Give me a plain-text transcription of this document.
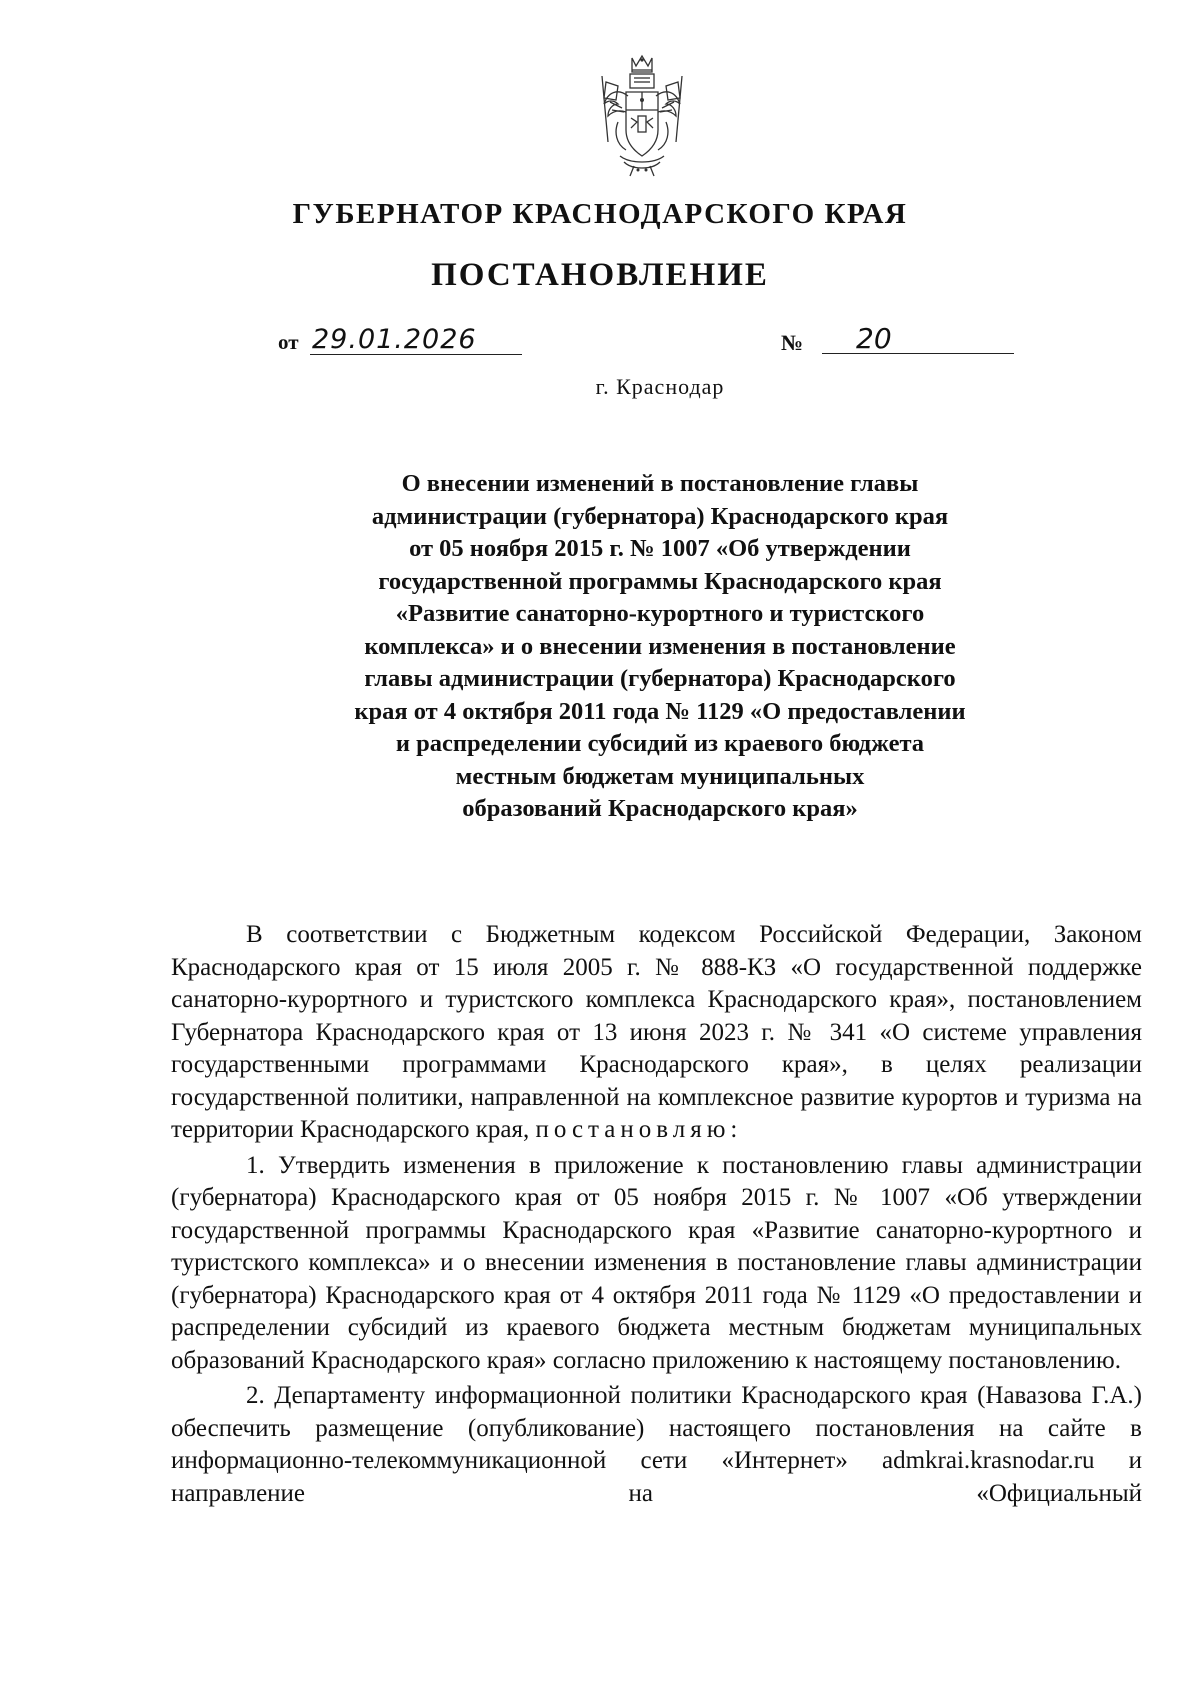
ГУБЕРНАТОР КРАСНОДАРСКОГО КРАЯ
ПОСТАНОВЛЕНИЕ
от 29.01.2026	№	20
г. Краснодар
О внесении изменений в постановление главы
администрации (губернатора) Краснодарского края
от 05 ноября 2015 г. № 1007 «Об утверждении
государственной программы Краснодарского края
«Развитие санаторно-курортного и туристского
комплекса» и о внесении изменения в постановление
главы администрации (губернатора) Краснодарского
края от 4 октября 2011 года № 1129 «О предоставлении
и распределении субсидий из краевого бюджета
местным бюджетам муниципальных
образований Краснодарского края»

В соответствии с Бюджетным кодексом Российской Федерации, Законом Краснодарского края от 15 июля 2005 г. № 888-КЗ «О государственной поддержке санаторно-курортного и туристского комплекса Краснодарского края», постановлением Губернатора Краснодарского края от 13 июня 2023 г. № 341 «О системе управления государственными программами Краснодарского края», в целях реализации государственной политики, направленной на комплексное развитие курортов и туризма на территории Краснодарского края, постановляю:

1. Утвердить изменения в приложение к постановлению главы администрации (губернатора) Краснодарского края от 05 ноября 2015 г. № 1007 «Об утверждении государственной программы Краснодарского края «Развитие санаторно-курортного и туристского комплекса» и о внесении изменения в постановление главы администрации (губернатора) Краснодарского края от 4 октября 2011 года № 1129 «О предоставлении и распределении субсидий из краевого бюджета местным бюджетам муниципальных образований Краснодарского края» согласно приложению к настоящему постановлению.

2. Департаменту информационной политики Краснодарского края (Навазова Г.А.) обеспечить размещение (опубликование) настоящего постановления на сайте в информационно-телекоммуникационной сети «Интернет» admkrai.krasnodar.ru и направление на «Официальный
